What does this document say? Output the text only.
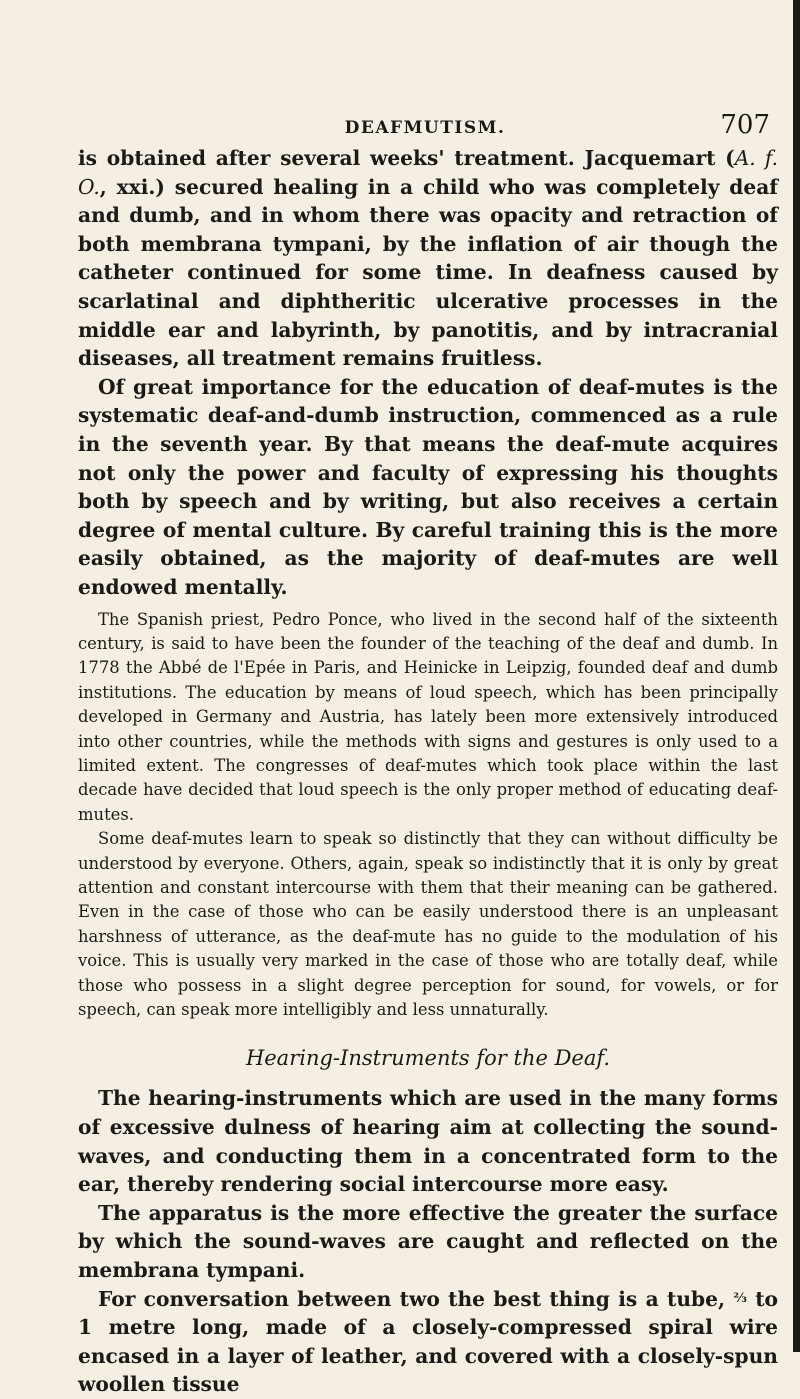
DEAFMUTISM.	707

is obtained after several weeks' treatment. Jacquemart (A. f. O., xxi.) secured healing in a child who was completely deaf and dumb, and in whom there was opacity and retraction of both membrana tympani, by the inflation of air though the catheter continued for some time. In deafness caused by scarlatinal and diphtheritic ulcerative processes in the middle ear and labyrinth, by panotitis, and by intracranial diseases, all treatment remains fruitless.

Of great importance for the education of deaf-mutes is the systematic deaf-and-dumb instruction, commenced as a rule in the seventh year. By that means the deaf-mute acquires not only the power and faculty of expressing his thoughts both by speech and by writing, but also receives a certain degree of mental culture. By careful training this is the more easily obtained, as the majority of deaf-mutes are well endowed mentally.

The Spanish priest, Pedro Ponce, who lived in the second half of the sixteenth century, is said to have been the founder of the teaching of the deaf and dumb. In 1778 the Abbé de l'Epée in Paris, and Heinicke in Leipzig, founded deaf and dumb institutions. The education by means of loud speech, which has been principally developed in Germany and Austria, has lately been more extensively introduced into other countries, while the methods with signs and gestures is only used to a limited extent. The congresses of deaf-mutes which took place within the last decade have decided that loud speech is the only proper method of educating deaf-mutes.

Some deaf-mutes learn to speak so distinctly that they can without difficulty be understood by everyone. Others, again, speak so indistinctly that it is only by great attention and constant intercourse with them that their meaning can be gathered. Even in the case of those who can be easily understood there is an unpleasant harshness of utterance, as the deaf-mute has no guide to the modulation of his voice. This is usually very marked in the case of those who are totally deaf, while those who possess in a slight degree perception for sound, for vowels, or for speech, can speak more intelligibly and less unnaturally.

Hearing-Instruments for the Deaf.

The hearing-instruments which are used in the many forms of excessive dulness of hearing aim at collecting the sound-waves, and conducting them in a concentrated form to the ear, thereby rendering social intercourse more easy.

The apparatus is the more effective the greater the surface by which the sound-waves are caught and reflected on the membrana tympani.

For conversation between two the best thing is a tube, ⅔ to 1 metre long, made of a closely-compressed spiral wire encased in a layer of leather, and covered with a closely-spun woollen tissue
